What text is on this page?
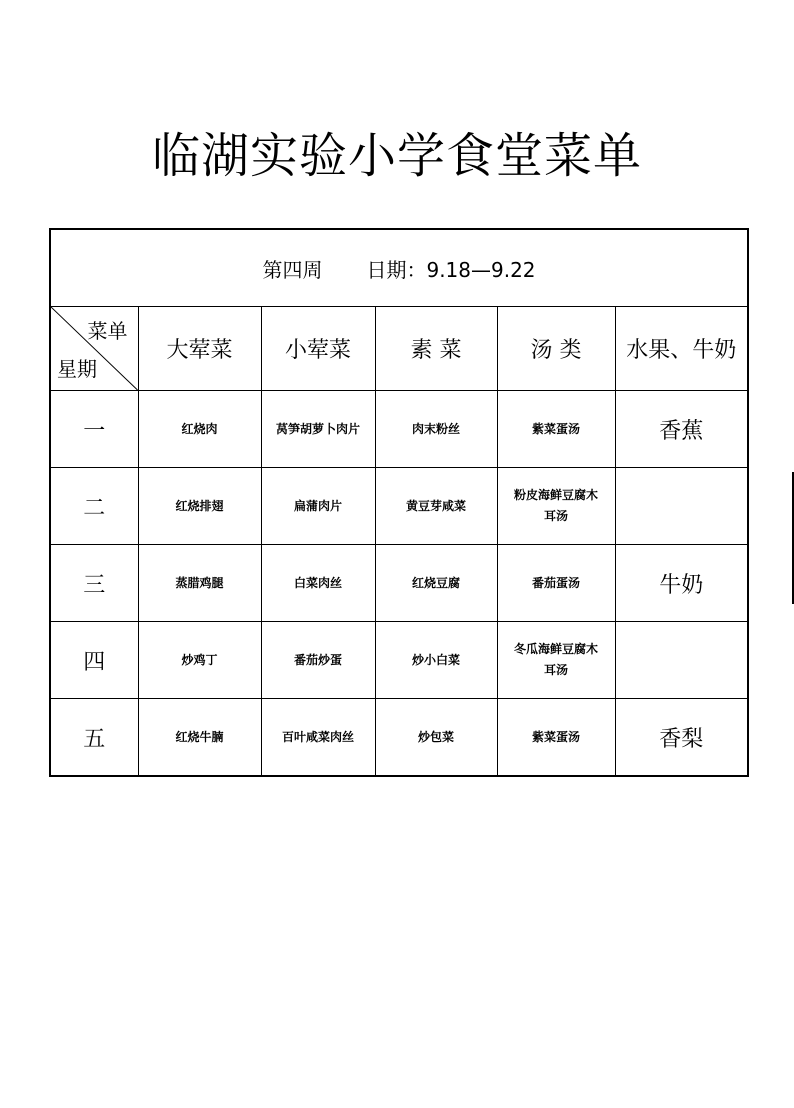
临湖实验小学食堂菜单
第四周 日期：9.18—9.22					

菜单
星期	大荤菜	小荤菜	素 菜	汤 类	水果、牛奶
一	红烧肉	莴笋胡萝卜肉片	肉末粉丝	紫菜蛋汤	香蕉
二	红烧排翅	扁蒲肉片	黄豆芽咸菜	粉皮海鲜豆腐木耳汤	

三	蒸腊鸡腿	白菜肉丝	红烧豆腐	番茄蛋汤	牛奶
四	炒鸡丁	番茄炒蛋	炒小白菜	冬瓜海鲜豆腐木耳汤	

五	红烧牛腩	百叶咸菜肉丝	炒包菜	紫菜蛋汤	香梨
